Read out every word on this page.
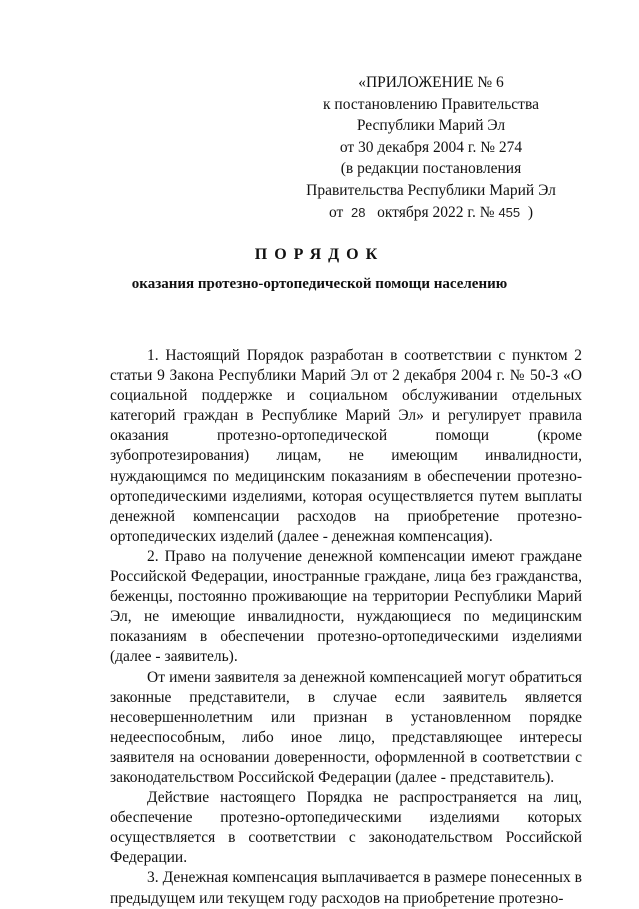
«ПРИЛОЖЕНИЕ № 6
к постановлению Правительства
Республики Марий Эл
от 30 декабря 2004 г. № 274
(в редакции постановления
Правительства Республики Марий Эл
от 28 октября 2022 г. № 455 )
ПОРЯДОК
оказания протезно-ортопедической помощи населению

1. Настоящий Порядок разработан в соответствии с пунктом 2 статьи 9 Закона Республики Марий Эл от 2 декабря 2004 г. № 50-З «О социальной поддержке и социальном обслуживании отдельных категорий граждан в Республике Марий Эл» и регулирует правила оказания протезно-ортопедической помощи (кроме зубопротезирования) лицам, не имеющим инвалидности, нуждающимся по медицинским показаниям в обеспечении протезно-ортопедическими изделиями, которая осуществляется путем выплаты денежной компенсации расходов на приобретение протезно-ортопедических изделий (далее - денежная компенсация).

2. Право на получение денежной компенсации имеют граждане Российской Федерации, иностранные граждане, лица без гражданства, беженцы, постоянно проживающие на территории Республики Марий Эл, не имеющие инвалидности, нуждающиеся по медицинским показаниям в обеспечении протезно-ортопедическими изделиями (далее - заявитель).

От имени заявителя за денежной компенсацией могут обратиться законные представители, в случае если заявитель является несовершеннолетним или признан в установленном порядке недееспособным, либо иное лицо, представляющее интересы заявителя на основании доверенности, оформленной в соответствии с законодательством Российской Федерации (далее - представитель).

Действие настоящего Порядка не распространяется на лиц, обеспечение протезно-ортопедическими изделиями которых осуществляется в соответствии с законодательством Российской Федерации.

3. Денежная компенсация выплачивается в размере понесенных в предыдущем или текущем году расходов на приобретение протезно-
